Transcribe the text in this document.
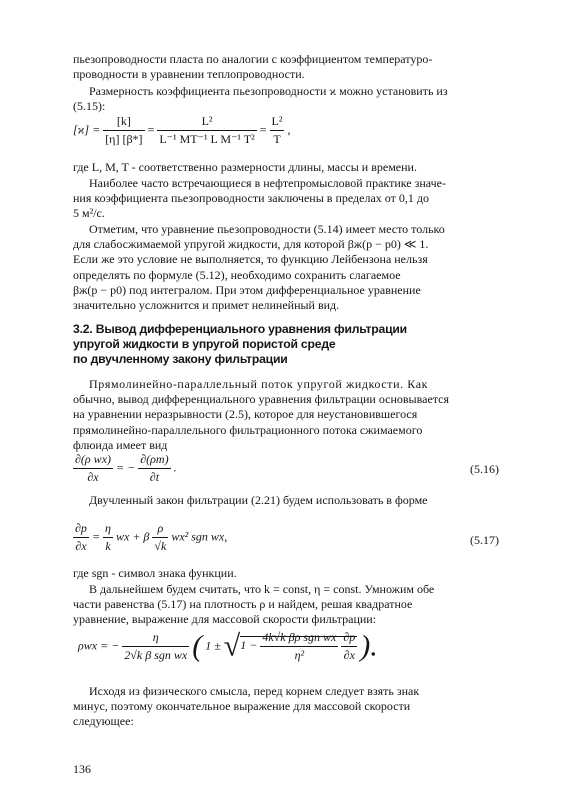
пьезопроводности пласта по аналогии с коэффициентом температуро-

проводности в уравнении теплопроводности.

Размерность коэффициента пьезопроводности ϰ можно установить из

(5.15):

$[ϰ] = \frac{[k]}{[\eta] [\beta*]} = \frac{\text{L²}}{\text{L⁻¹ MT⁻¹ L M⁻¹ T²}} = \frac{\text{L²}}{T}$ ,

где L, M, T - соответственно размерности длины, массы и времени.

Наиболее часто встречающиеся в нефтепромысловой практике значе-

ния коэффициента пьезопроводности заключены в пределах от 0,1 до

5 м²/с.

Отметим, что уравнение пьезопроводности (5.14) имеет место только

для слабосжимаемой упругой жидкости, для которой βж(p − p0) ≪ 1.

Если же это условие не выполняется, то функцию Лейбензона нельзя

определять по формуле (5.12), необходимо сохранить слагаемое

βж(p − p0) под интегралом. При этом дифференциальное уравнение

значительно усложнится и примет нелинейный вид.

3.2. Вывод дифференциального уравнения фильтрации

упругой жидкости в упругой пористой среде

по двучленному закону фильтрации

Прямолинейно-параллельный поток упругой жидкости. Как

обычно, вывод дифференциального уравнения фильтрации основывается

на уравнении неразрывности (2.5), которое для неустановившегося

прямолинейно-параллельного фильтрационного потока сжимаемого

флюида имеет вид

$\frac{\text{∂(ρ wx)}}{\partial x}$ = − $\frac{\partial(\rho m)}{\partial t}$ .	(5.16)

Двучленный закон фильтрации (2.21) будем использовать в форме

$\frac{\partial p}{\partial x} = \frac{\eta}{k}$ wx + β $\frac{\rho}{√k} wx^2$ sgn wx,	(5.17)

где sgn - символ знака функции.

В дальнейшем будем считать, что k = const, η = const. Умножим обе

части равенства (5.17) на плотность ρ и найдем, решая квадратное

уравнение, выражение для массовой скорости фильтрации:

ρwx = − $\frac{\eta}{\text{2√k β sgn wx}}$ ( $1 \pm √1 - \frac{\text{4k√k βρ sgn wx}}{\text{η²}}$
$\frac{\partial p}{\partial x}$ ).

Исходя из физического смысла, перед корнем следует взять знак

минус, поэтому окончательное выражение для массовой скорости

следующее:

136
